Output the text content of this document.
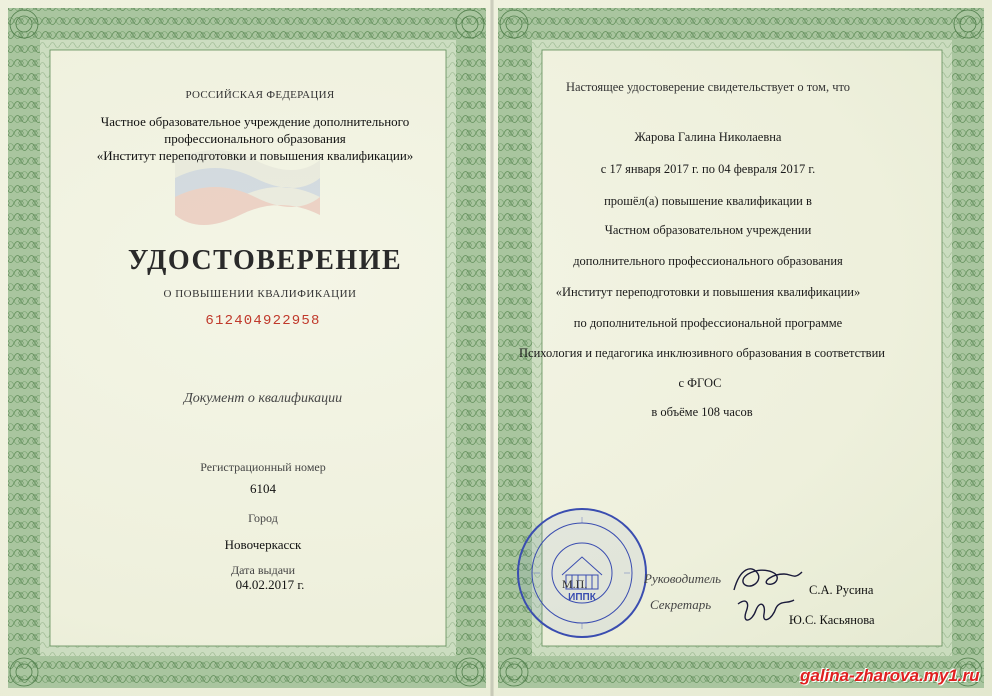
РОССИЙСКАЯ ФЕДЕРАЦИЯ
Частное образовательное учреждение дополнительного
профессионального образования
«Институт переподготовки и повышения квалификации»
УДОСТОВЕРЕНИЕ
О ПОВЫШЕНИИ КВАЛИФИКАЦИИ
612404922958
Документ о квалификации
Регистрационный номер
6104
Город
Новочеркасск
Дата выдачи
04.02.2017 г.
Настоящее удостоверение свидетельствует о том, что
Жарова Галина Николаевна
с 17 января 2017 г. по 04 февраля 2017 г.
прошёл(а) повышение квалификации в
Частном образовательном учреждении
дополнительного профессионального образования
«Институт переподготовки и повышения квалификации»
по дополнительной профессиональной программе
Психология и педагогика инклюзивного образования в соответствии
с ФГОС
в объёме 108 часов
ИППК
М.П.	Руководитель
Секретарь
С.А. Русина
Ю.С. Касьянова
galina-zharova.my1.ru
